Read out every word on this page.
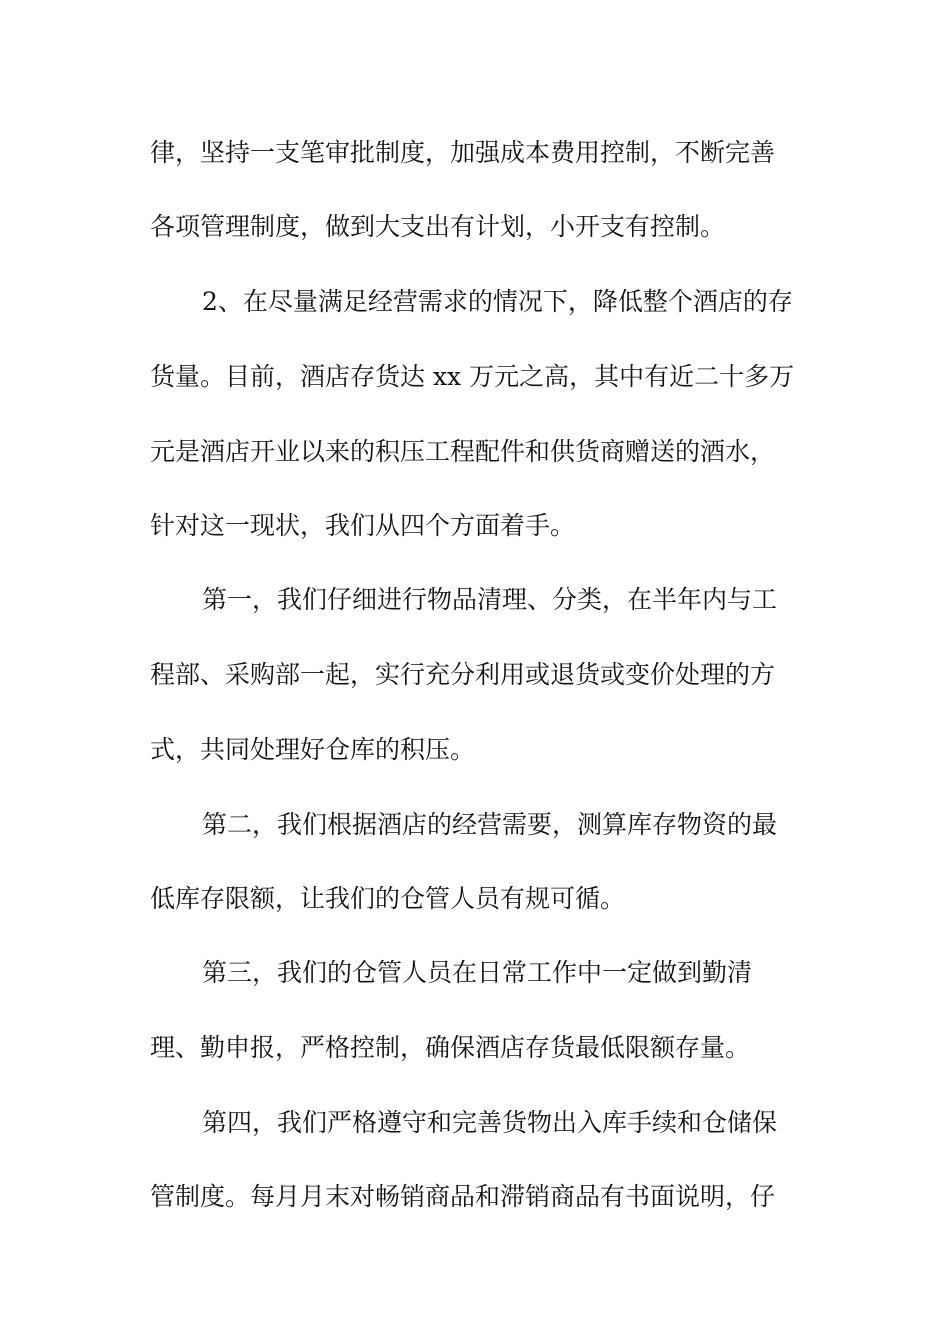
律，坚持一支笔审批制度，加强成本费用控制，不断完善
各项管理制度，做到大支出有计划，小开支有控制。
2、在尽量满足经营需求的情况下，降低整个酒店的存
货量。目前，酒店存货达 xx 万元之高，其中有近二十多万
元是酒店开业以来的积压工程配件和供货商赠送的酒水，
针对这一现状，我们从四个方面着手。
第一，我们仔细进行物品清理、分类，在半年内与工
程部、采购部一起，实行充分利用或退货或变价处理的方
式，共同处理好仓库的积压。
第二，我们根据酒店的经营需要，测算库存物资的最
低库存限额，让我们的仓管人员有规可循。
第三，我们的仓管人员在日常工作中一定做到勤清
理、勤申报，严格控制，确保酒店存货最低限额存量。
第四，我们严格遵守和完善货物出入库手续和仓储保
管制度。每月月末对畅销商品和滞销商品有书面说明，仔
